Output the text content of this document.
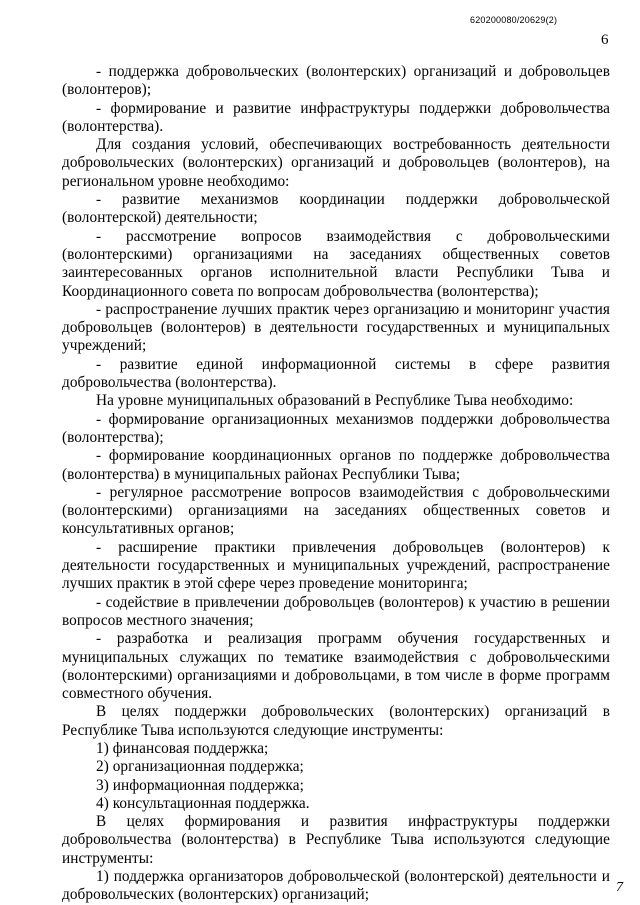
620200080/20629(2)
6

- поддержка добровольческих (волонтерских) организаций и добровольцев (волонтеров);

- формирование и развитие инфраструктуры поддержки добровольчества (волонтерства).

Для создания условий, обеспечивающих востребованность деятельности добровольческих (волонтерских) организаций и добровольцев (волонтеров), на региональном уровне необходимо:

- развитие механизмов координации поддержки добровольческой (волонтерской) деятельности;

- рассмотрение вопросов взаимодействия с добровольческими (волонтерскими) организациями на заседаниях общественных советов заинтересованных органов исполнительной власти Республики Тыва и Координационного совета по вопросам добровольчества (волонтерства);

- распространение лучших практик через организацию и мониторинг участия добровольцев (волонтеров) в деятельности государственных и муниципальных учреждений;

- развитие единой информационной системы в сфере развития добровольчества (волонтерства).

На уровне муниципальных образований в Республике Тыва необходимо:

- формирование организационных механизмов поддержки добровольчества (волонтерства);

- формирование координационных органов по поддержке добровольчества (волонтерства) в муниципальных районах Республики Тыва;

- регулярное рассмотрение вопросов взаимодействия с добровольческими (волонтерскими) организациями на заседаниях общественных советов и консультативных органов;

- расширение практики привлечения добровольцев (волонтеров) к деятельности государственных и муниципальных учреждений, распространение лучших практик в этой сфере через проведение мониторинга;

- содействие в привлечении добровольцев (волонтеров) к участию в решении вопросов местного значения;

- разработка и реализация программ обучения государственных и муниципальных служащих по тематике взаимодействия с добровольческими (волонтерскими) организациями и добровольцами, в том числе в форме программ совместного обучения.

В целях поддержки добровольческих (волонтерских) организаций в Республике Тыва используются следующие инструменты:

1) финансовая поддержка;

2) организационная поддержка;

3) информационная поддержка;

4) консультационная поддержка.

В целях формирования и развития инфраструктуры поддержки добровольчества (волонтерства) в Республике Тыва используются следующие инструменты:

1) поддержка организаторов добровольческой (волонтерской) деятельности и добровольческих (волонтерских) организаций;	7
